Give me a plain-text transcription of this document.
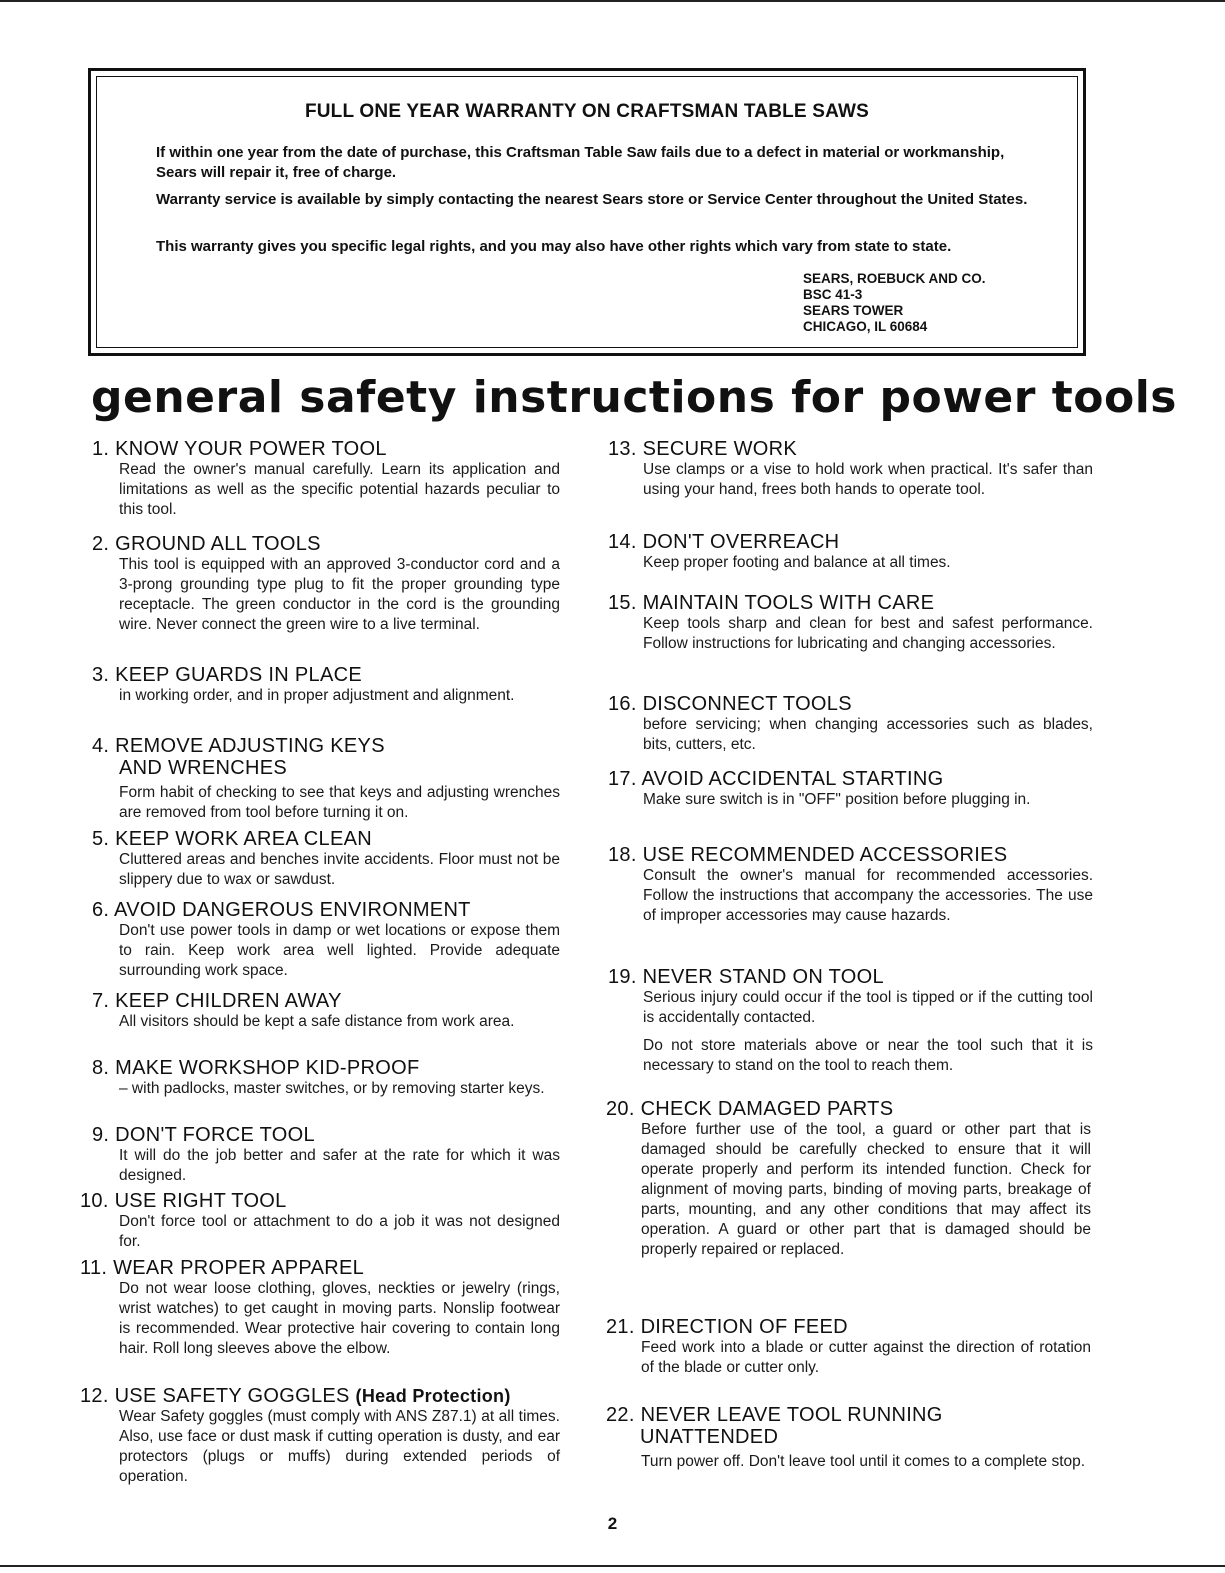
FULL ONE YEAR WARRANTY ON CRAFTSMAN TABLE SAWS
If within one year from the date of purchase, this Craftsman Table Saw fails due to a defect in material or workmanship, Sears will repair it, free of charge.
Warranty service is available by simply contacting the nearest Sears store or Service Center throughout the United States.
This warranty gives you specific legal rights, and you may also have other rights which vary from state to state.
SEARS, ROEBUCK AND CO.
BSC 41-3
SEARS TOWER
CHICAGO, IL 60684
general safety instructions for power tools
1. KNOW YOUR POWER TOOL
Read the owner's manual carefully. Learn its application and limitations as well as the specific potential hazards peculiar to this tool.
2. GROUND ALL TOOLS
This tool is equipped with an approved 3-conductor cord and a 3-prong grounding type plug to fit the proper grounding type receptacle. The green conductor in the cord is the grounding wire. Never connect the green wire to a live terminal.
3. KEEP GUARDS IN PLACE
in working order, and in proper adjustment and alignment.
4. REMOVE ADJUSTING KEYS
AND WRENCHES
Form habit of checking to see that keys and adjusting wrenches are removed from tool before turning it on.
5. KEEP WORK AREA CLEAN
Cluttered areas and benches invite accidents. Floor must not be slippery due to wax or sawdust.
6. AVOID DANGEROUS ENVIRONMENT
Don't use power tools in damp or wet locations or expose them to rain. Keep work area well lighted. Provide adequate surrounding work space.
7. KEEP CHILDREN AWAY
All visitors should be kept a safe distance from work area.
8. MAKE WORKSHOP KID-PROOF
– with padlocks, master switches, or by removing starter keys.
9. DON'T FORCE TOOL
It will do the job better and safer at the rate for which it was designed.
10. USE RIGHT TOOL
Don't force tool or attachment to do a job it was not designed for.
11. WEAR PROPER APPAREL
Do not wear loose clothing, gloves, neckties or jewelry (rings, wrist watches) to get caught in moving parts. Nonslip footwear is recommended. Wear protective hair covering to contain long hair. Roll long sleeves above the elbow.
12. USE SAFETY GOGGLES (Head Protection)
Wear Safety goggles (must comply with ANS Z87.1) at all times. Also, use face or dust mask if cutting operation is dusty, and ear protectors (plugs or muffs) during extended periods of operation.
13. SECURE WORK
Use clamps or a vise to hold work when practical. It's safer than using your hand, frees both hands to operate tool.
14. DON'T OVERREACH
Keep proper footing and balance at all times.
15. MAINTAIN TOOLS WITH CARE
Keep tools sharp and clean for best and safest performance. Follow instructions for lubricating and changing accessories.
16. DISCONNECT TOOLS
before servicing; when changing accessories such as blades, bits, cutters, etc.
17. AVOID ACCIDENTAL STARTING
Make sure switch is in "OFF" position before plugging in.
18. USE RECOMMENDED ACCESSORIES
Consult the owner's manual for recommended accessories. Follow the instructions that accompany the accessories. The use of improper accessories may cause hazards.
19. NEVER STAND ON TOOL
Serious injury could occur if the tool is tipped or if the cutting tool is accidentally contacted.
Do not store materials above or near the tool such that it is necessary to stand on the tool to reach them.
20. CHECK DAMAGED PARTS
Before further use of the tool, a guard or other part that is damaged should be carefully checked to ensure that it will operate properly and perform its intended function. Check for alignment of moving parts, binding of moving parts, breakage of parts, mounting, and any other conditions that may affect its operation. A guard or other part that is damaged should be properly repaired or replaced.
21. DIRECTION OF FEED
Feed work into a blade or cutter against the direction of rotation of the blade or cutter only.
22. NEVER LEAVE TOOL RUNNING
UNATTENDED
Turn power off. Don't leave tool until it comes to a complete stop.
2
